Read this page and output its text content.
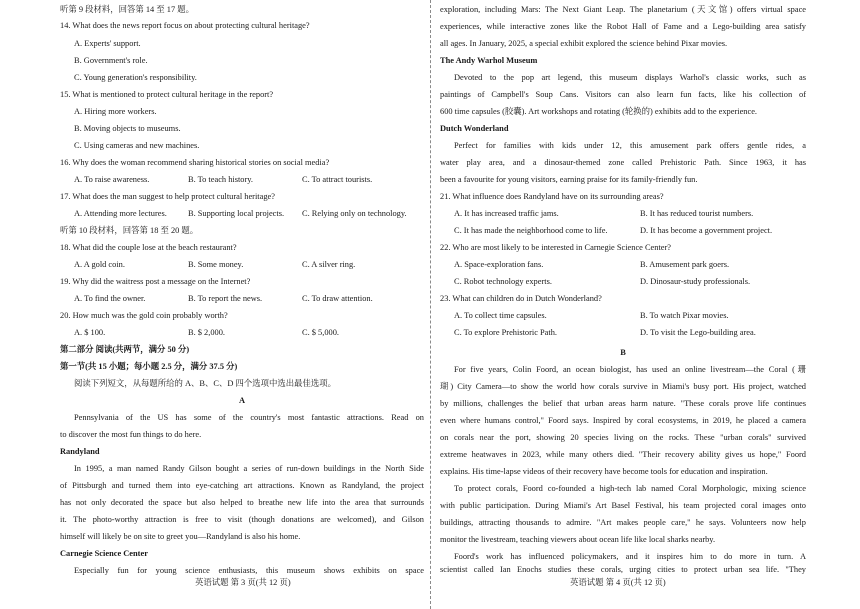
听第 9 段材料，回答第 14 至 17 题。
14. What does the news report focus on about protecting cultural heritage?
A. Experts' support.
B. Government's role.
C. Young generation's responsibility.
15. What is mentioned to protect cultural heritage in the report?
A. Hiring more workers.
B. Moving objects to museums.
C. Using cameras and new machines.
16. Why does the woman recommend sharing historical stories on social media?
A. To raise awareness.	B. To teach history.	C. To attract tourists.
17. What does the man suggest to help protect cultural heritage?
A. Attending more lectures.	B. Supporting local projects. C. Relying only on technology.
听第 10 段材料，回答第 18 至 20 题。
18. What did the couple lose at the beach restaurant?
A. A gold coin.	B. Some money.	C. A silver ring.
19. Why did the waitress post a message on the Internet?
A. To find the owner.	B. To report the news.	C. To draw attention.
20. How much was the gold coin probably worth?
A. $ 100.	B. $ 2,000.	C. $ 5,000.
第二部分 阅读(共两节，满分 50 分)
第一节(共 15 小题；每小题 2.5 分，满分 37.5 分)
阅读下列短文，从每题所给的 A、B、C、D 四个选项中选出最佳选项。
A
Pennsylvania of the US has some of the country's most fantastic attractions. Read on
to discover the most fun things to do here.
Randyland
In 1995, a man named Randy Gilson bought a series of run-down buildings in the North Side
of Pittsburgh and turned them into eye-catching art attractions. Known as Randyland, the project
has not only decorated the space but also helped to breathe new life into the area that surrounds
it. The photo-worthy attraction is free to visit (though donations are welcomed), and Gilson
himself will likely be on site to greet you—Randyland is also his home.
Carnegie Science Center
Especially fun for young science enthusiasts, this museum shows exhibits on space
英语试题 第 3 页(共 12 页)
exploration, including Mars: The Next Giant Leap. The planetarium (天文馆) offers virtual space
experiences, while interactive zones like the Robot Hall of Fame and a Lego-building area satisfy
all ages. In January, 2025, a special exhibit explored the science behind Pixar movies.
The Andy Warhol Museum
Devoted to the pop art legend, this museum displays Warhol's classic works, such as
paintings of Campbell's Soup Cans. Visitors can also learn fun facts, like his collection of
600 time capsules (胶囊). Art workshops and rotating (轮换的) exhibits add to the experience.
Dutch Wonderland
Perfect for families with kids under 12, this amusement park offers gentle rides, a
water play area, and a dinosaur-themed zone called Prehistoric Path. Since 1963, it has
been a favourite for young visitors, earning praise for its family-friendly fun.
21. What influence does Randyland have on its surrounding areas?
A. It has increased traffic jams.	B. It has reduced tourist numbers.
C. It has made the neighborhood come to life.	D. It has become a government project.
22. Who are most likely to be interested in Carnegie Science Center?
A. Space-exploration fans.	B. Amusement park goers.
C. Robot technology experts.	D. Dinosaur-study professionals.
23. What can children do in Dutch Wonderland?
A. To collect time capsules.	B. To watch Pixar movies.
C. To explore Prehistoric Path.	D. To visit the Lego-building area.
B
For five years, Colin Foord, an ocean biologist, has used an online livestream—the Coral (珊
瑚) City Camera—to show the world how corals survive in Miami's busy port. His project, watched
by millions, challenges the belief that urban areas harm nature. "These corals prove life continues
even where humans control," Foord says. Inspired by coral ecosystems, in 2019, he placed a camera
on corals near the port, showing 20 species living on the rocks. These "urban corals" survived
extreme heatwaves in 2023, while many others died. "Their recovery ability gives us hope," Foord
explains. His time-lapse videos of their recovery have become tools for education and inspiration.
To protect corals, Foord co-founded a high-tech lab named Coral Morphologic, mixing science
with public participation. During Miami's Art Basel Festival, his team projected coral images onto
buildings, attracting thousands to admire. "Art makes people care," he says. Volunteers now help
monitor the livestream, teaching viewers about ocean life like local sharks nearby.
Foord's work has influenced policymakers, and it inspires him to do more in turn. A
scientist called Ian Enochs studies these corals, urging cities to protect urban sea life. "They
英语试题 第 4 页(共 12 页)
